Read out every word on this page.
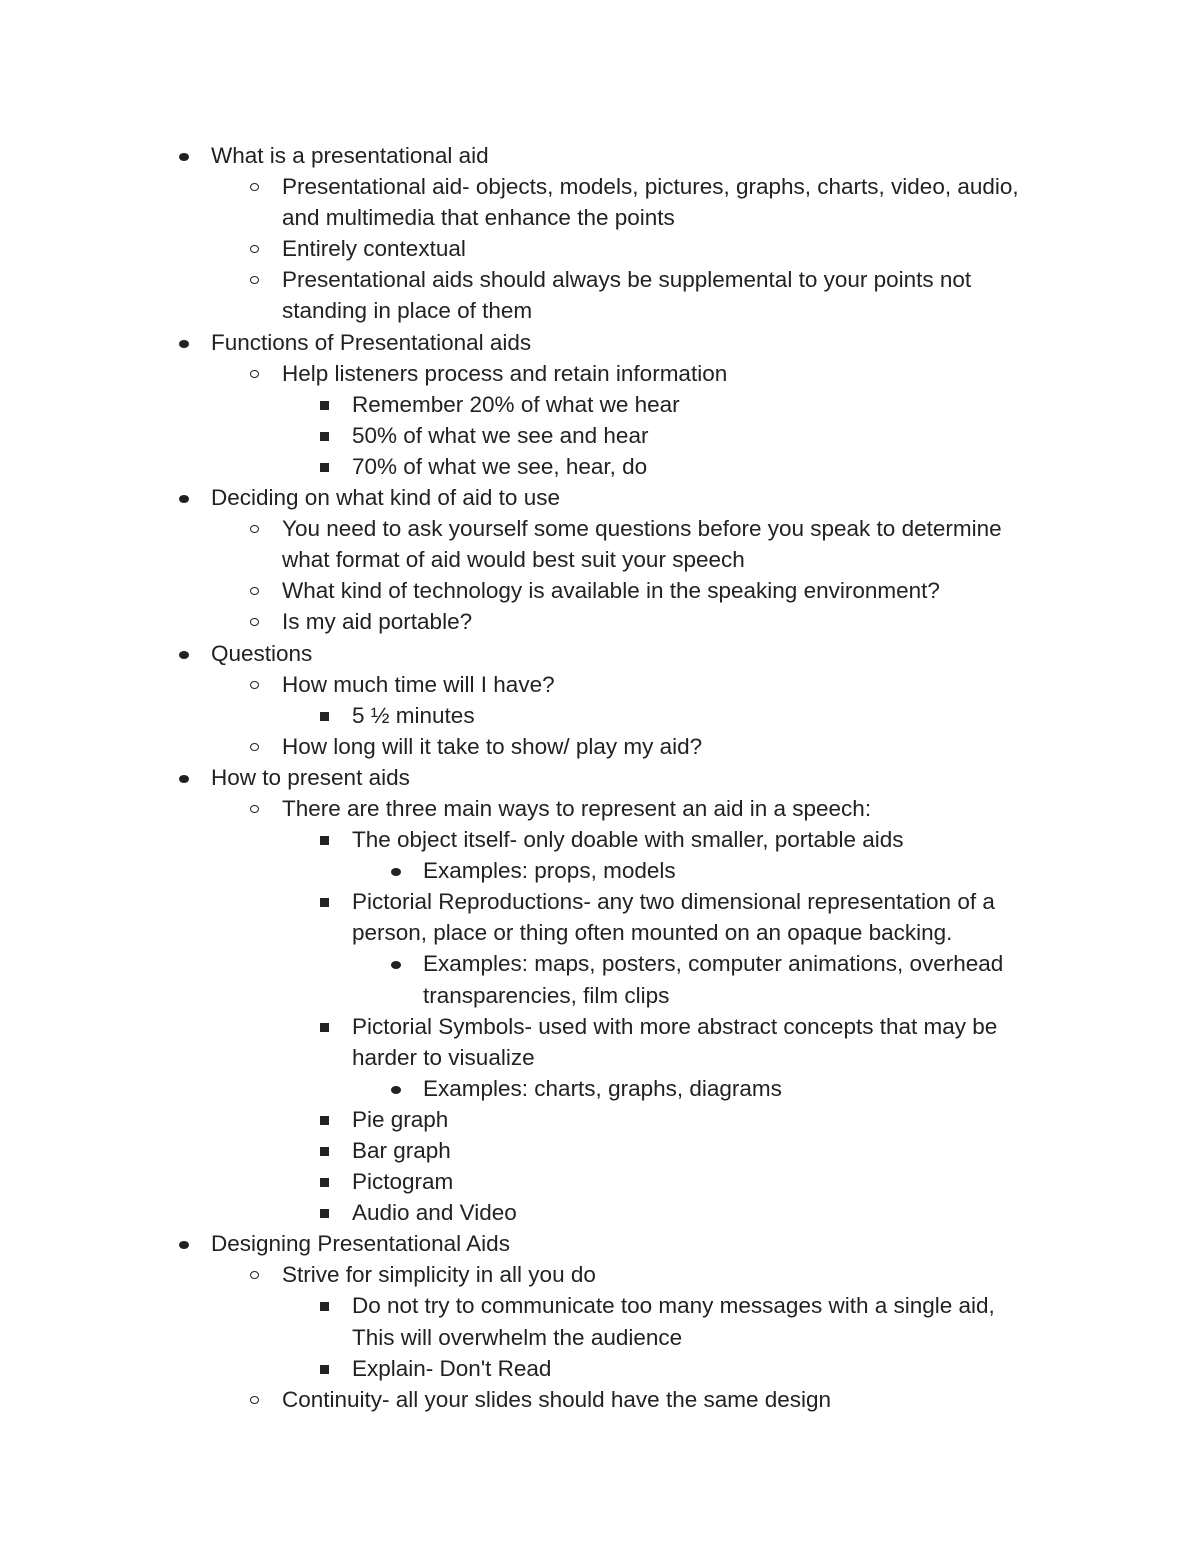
What is a presentational aid
Presentational aid- objects, models, pictures, graphs, charts, video, audio,
and multimedia that enhance the points
Entirely contextual
Presentational aids should always be supplemental to your points not
standing in place of them
Functions of Presentational aids
Help listeners process and retain information
Remember 20% of what we hear
50% of what we see and hear
70% of what we see, hear, do
Deciding on what kind of aid to use
You need to ask yourself some questions before you speak to determine
what format of aid would best suit your speech
What kind of technology is available in the speaking environment?
Is my aid portable?
Questions
How much time will I have?
5 ½ minutes
How long will it take to show/ play my aid?
How to present aids
There are three main ways to represent an aid in a speech:
The object itself- only doable with smaller, portable aids
Examples: props, models
Pictorial Reproductions- any two dimensional representation of a
person, place or thing often mounted on an opaque backing.
Examples: maps, posters, computer animations, overhead
transparencies, film clips
Pictorial Symbols- used with more abstract concepts that may be
harder to visualize
Examples: charts, graphs, diagrams
Pie graph
Bar graph
Pictogram
Audio and Video
Designing Presentational Aids
Strive for simplicity in all you do
Do not try to communicate too many messages with a single aid,
This will overwhelm the audience
Explain- Don't Read
Continuity- all your slides should have the same design
